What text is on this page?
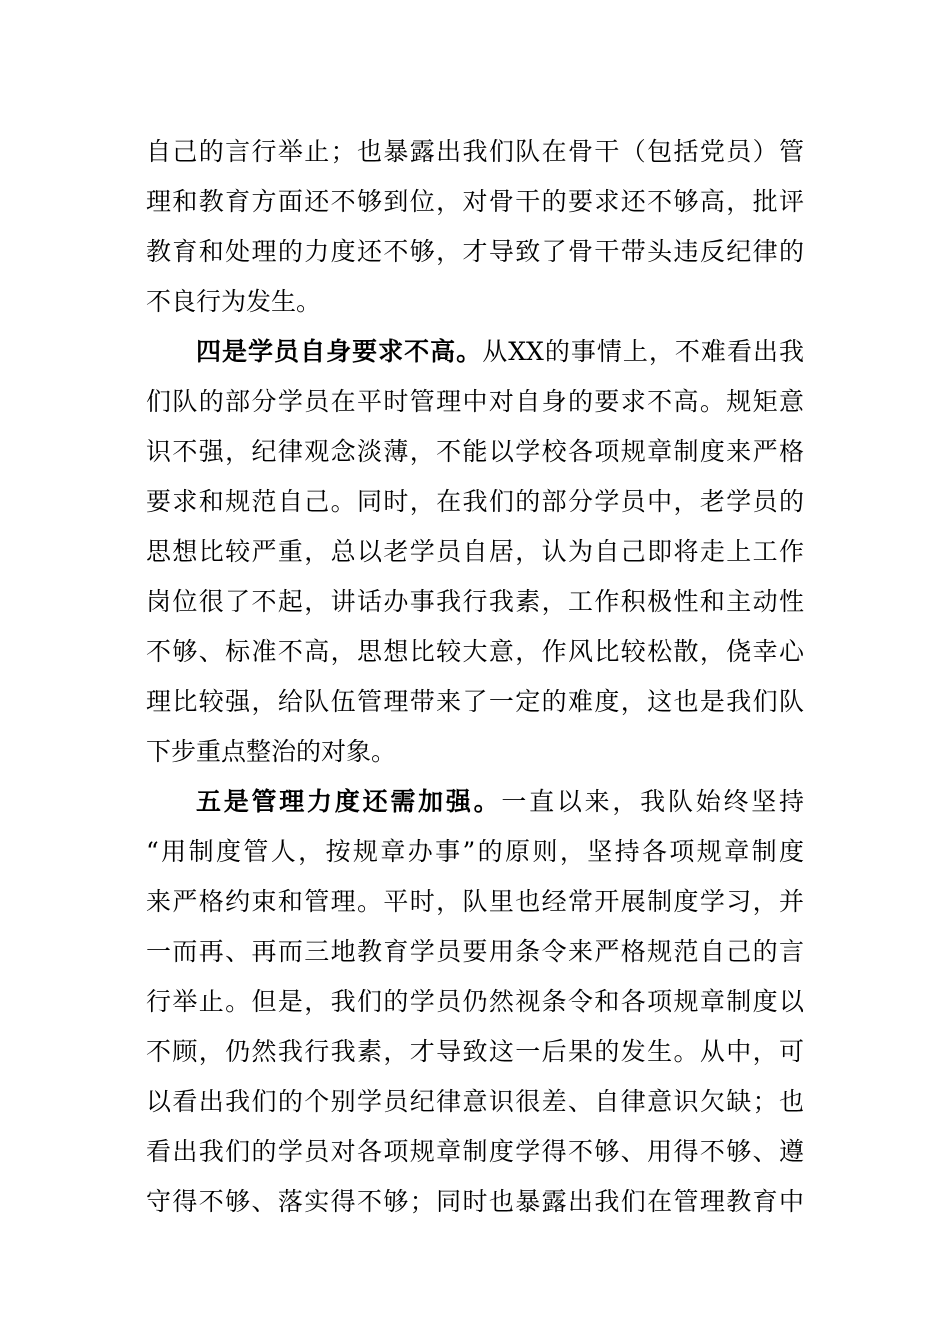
自己的言行举止；也暴露出我们队在骨干（包括党员）管
理和教育方面还不够到位，对骨干的要求还不够高，批评
教育和处理的力度还不够，才导致了骨干带头违反纪律的
不良行为发生。
四是学员自身要求不高。从XX的事情上，不难看出我
们队的部分学员在平时管理中对自身的要求不高。规矩意
识不强，纪律观念淡薄，不能以学校各项规章制度来严格
要求和规范自己。同时，在我们的部分学员中，老学员的
思想比较严重，总以老学员自居，认为自己即将走上工作
岗位很了不起，讲话办事我行我素，工作积极性和主动性
不够、标准不高，思想比较大意，作风比较松散，侥幸心
理比较强，给队伍管理带来了一定的难度，这也是我们队
下步重点整治的对象。
五是管理力度还需加强。一直以来，我队始终坚持
“用制度管人，按规章办事”的原则，坚持各项规章制度
来严格约束和管理。平时，队里也经常开展制度学习，并
一而再、再而三地教育学员要用条令来严格规范自己的言
行举止。但是，我们的学员仍然视条令和各项规章制度以
不顾，仍然我行我素，才导致这一后果的发生。从中，可
以看出我们的个别学员纪律意识很差、自律意识欠缺；也
看出我们的学员对各项规章制度学得不够、用得不够、遵
守得不够、落实得不够；同时也暴露出我们在管理教育中
